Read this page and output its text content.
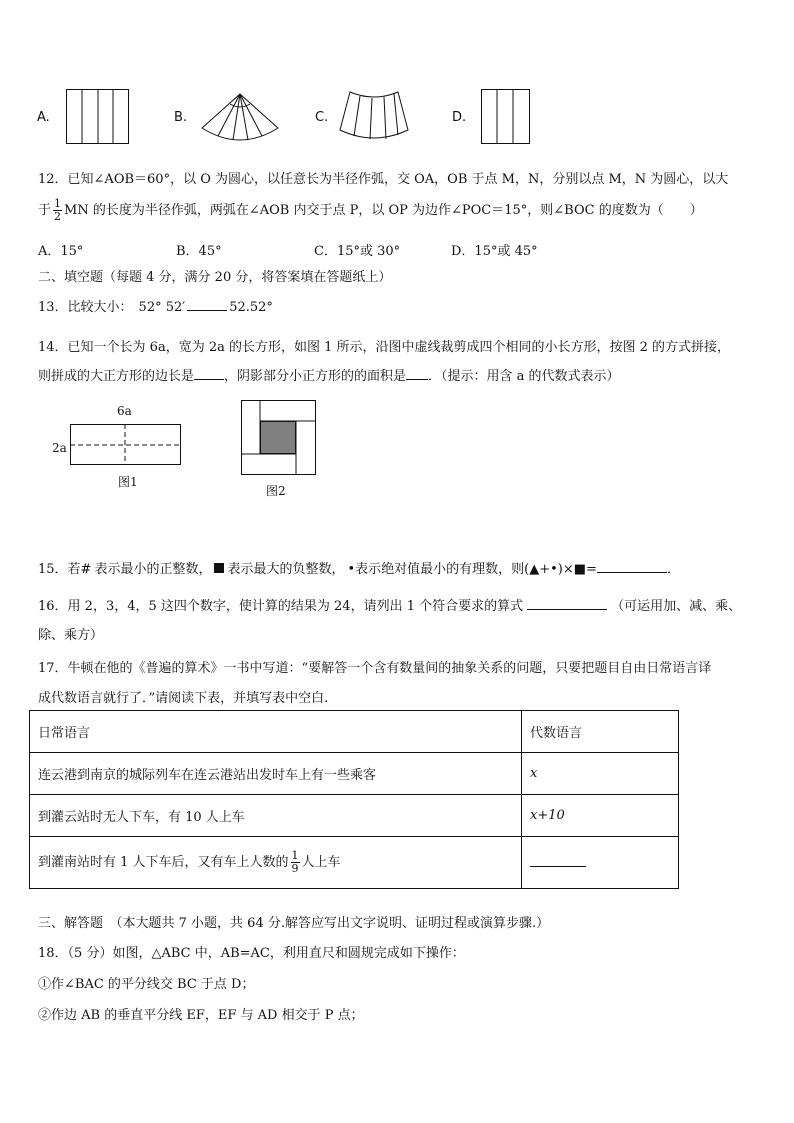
A.	B.	C.	D.
12．已知∠AOB＝60°，以 O 为圆心，以任意长为半径作弧，交 OA，OB 于点 M，N，分别以点 M，N 为圆心，以大
于 $\frac{1}{2}$ MN 的长度为半径作弧，两弧在∠AOB 内交于点 P，以 OP 为边作∠POC＝15°，则∠BOC 的度数为（　　）
A．15°	B．45°	C．15°或 30°	D．15°或 45°
二、填空题（每题 4 分，满分 20 分，将答案填在答题纸上）
13．比较大小： 52° 52′	52.52°
14．已知一个长为 6a，宽为 2a 的长方形，如图 1 所示，沿图中虚线裁剪成四个相同的小长方形，按图 2 的方式拼接，
则拼成的大正方形的边长是 ，阴影部分小正方形的的面积是 ．（提示：用含 a 的代数式表示）
6a
2a
图1
图2
15．若# 表示最小的正整数， 表示最大的负整数， •表示绝对值最小的有理数，则(▲+•)×■=	．
16．用 2，3，4，5 这四个数字，使计算的结果为 24，请列出 1 个符合要求的算式	（可运用加、减、乘、
除、乘方）
17．牛顿在他的《普遍的算术》一书中写道：“要解答一个含有数量间的抽象关系的问题，只要把题目自由日常语言译
成代数语言就行了．”请阅读下表，并填写表中空白.
日常语言	代数语言
连云港到南京的城际列车在连云港站出发时车上有一些乘客	x
到灌云站时无人下车，有 10 人上车	x+10
到灌南站时有 1 人下车后，又有车上人数的 $\frac{1}{9}$ 人上车	
三、解答题　（本大题共 7 小题，共 64 分.解答应写出文字说明、证明过程或演算步骤.）
18．（5 分）如图，△ABC 中，AB=AC，利用直尺和圆规完成如下操作：
①作∠BAC 的平分线交 BC 于点 D；
②作边 AB 的垂直平分线 EF，EF 与 AD 相交于 P 点；
